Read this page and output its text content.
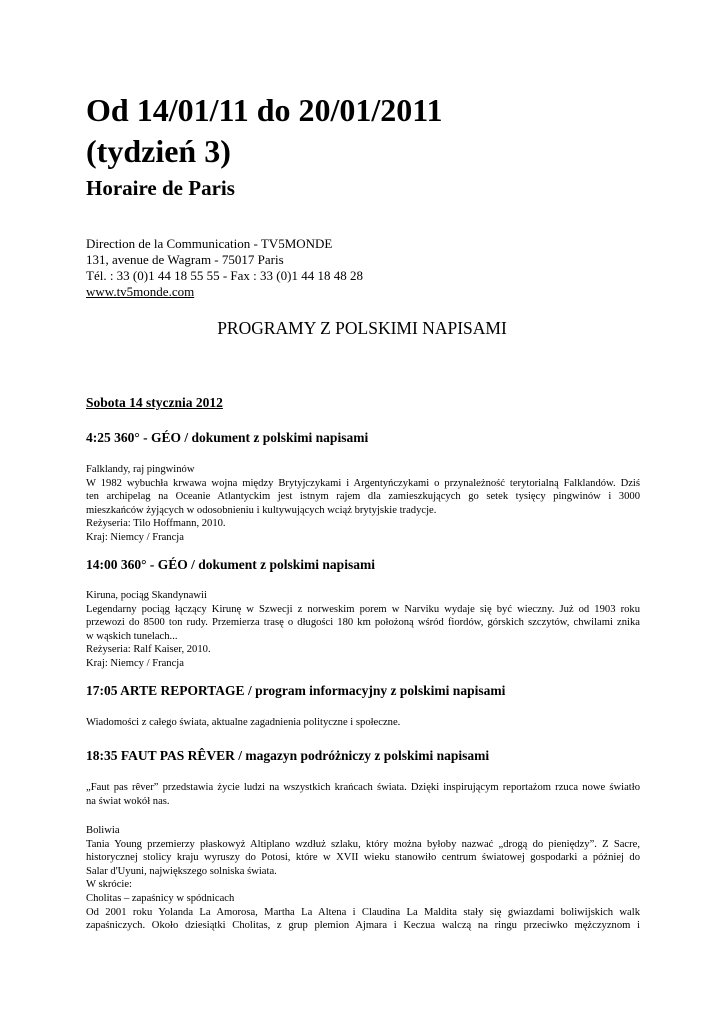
Od 14/01/11 do 20/01/2011
(tydzień 3)
Horaire de Paris
Direction de la Communication - TV5MONDE
131, avenue de Wagram - 75017 Paris
Tél. : 33 (0)1 44 18 55 55 - Fax : 33 (0)1 44 18 48 28
www.tv5monde.com
PROGRAMY Z POLSKIMI NAPISAMI
Sobota 14 stycznia 2012
4:25 360° - GÉO / dokument z polskimi napisami
Falklandy, raj pingwinów
W 1982 wybuchła krwawa wojna między Brytyjczykami i Argentyńczykami o przynależność terytorialną Falklandów. Dziś
ten archipelag na Oceanie Atlantyckim jest istnym rajem dla zamieszkujących go setek tysięcy pingwinów i 3000
mieszkańców żyjących w odosobnieniu i kultywujących wciąż brytyjskie tradycje.
Reżyseria: Tilo Hoffmann, 2010.
Kraj: Niemcy / Francja
14:00 360° - GÉO / dokument z polskimi napisami
Kiruna, pociąg Skandynawii
Legendarny pociąg łączący Kirunę w Szwecji z norweskim porem w Narviku wydaje się być wieczny. Już od 1903 roku
przewozi do 8500 ton rudy. Przemierza trasę o długości 180 km położoną wśród fiordów, górskich szczytów, chwilami znika
w wąskich tunelach...
Reżyseria: Ralf Kaiser, 2010.
Kraj: Niemcy / Francja
17:05 ARTE REPORTAGE / program informacyjny z polskimi napisami
Wiadomości z całego świata, aktualne zagadnienia polityczne i społeczne.
18:35 FAUT PAS RÊVER / magazyn podróżniczy z polskimi napisami
„Faut pas rêver” przedstawia życie ludzi na wszystkich krańcach świata. Dzięki inspirującym reportażom rzuca nowe światło
na świat wokół nas.
Boliwia
Tania Young przemierzy płaskowyż Altiplano wzdłuż szlaku, który można byłoby nazwać „drogą do pieniędzy”. Z Sacre,
historycznej stolicy kraju wyruszy do Potosi, które w XVII wieku stanowiło centrum światowej gospodarki a później do
Salar d'Uyuni, największego solniska świata.
W skrócie:
Cholitas – zapaśnicy w spódnicach
Od 2001 roku Yolanda La Amorosa, Martha La Altena i Claudina La Maldita stały się gwiazdami boliwijskich walk
zapaśniczych. Około dziesiątki Cholitas, z grup plemion Ajmara i Keczua walczą na ringu przeciwko mężczyznom i
